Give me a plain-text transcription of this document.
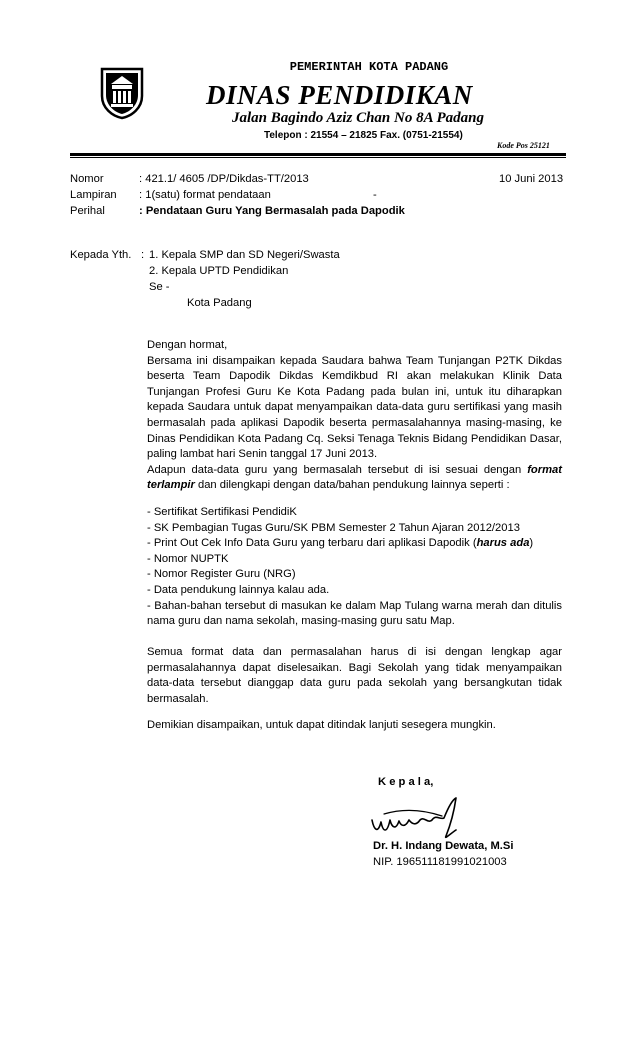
PEMERINTAH KOTA PADANG
DINAS PENDIDIKAN
Jalan Bagindo Aziz Chan No 8A Padang
Telepon : 21554 – 21825 Fax. (0751-21554)
Kode Pos 25121
Nomor	: 421.1/ 4605 /DP/Dikdas-TT/2013	10 Juni 2013
Lampiran : 1(satu) format pendataan	-
Perihal	: Pendataan Guru Yang Bermasalah pada Dapodik
Kepada Yth. : 1. Kepala SMP dan SD Negeri/Swasta
2. Kepala UPTD Pendidikan
Se -
Kota Padang

Dengan hormat,

Bersama ini disampaikan kepada Saudara bahwa Team Tunjangan P2TK Dikdas beserta Team Dapodik Dikdas Kemdikbud RI akan melakukan Klinik Data Tunjangan Profesi Guru Ke Kota Padang pada bulan ini, untuk itu diharapkan kepada Saudara untuk dapat menyampaikan data-data guru sertifikasi yang masih bermasalah pada aplikasi Dapodik beserta permasalahannya masing-masing, ke Dinas Pendidikan Kota Padang Cq. Seksi Tenaga Teknis Bidang Pendidikan Dasar, paling lambat hari Senin tanggal 17 Juni 2013.

Adapun data-data guru yang bermasalah tersebut di isi sesuai dengan format terlampir dan dilengkapi dengan data/bahan pendukung lainnya seperti :

- Sertifikat Sertifikasi PendidiK
- SK Pembagian Tugas Guru/SK PBM Semester 2 Tahun Ajaran 2012/2013
- Print Out Cek Info Data Guru yang terbaru dari aplikasi Dapodik (harus ada)
- Nomor NUPTK
- Nomor Register Guru (NRG)
- Data pendukung lainnya kalau ada.
- Bahan-bahan tersebut di masukan ke dalam Map Tulang warna merah dan ditulis nama guru dan nama sekolah, masing-masing guru satu Map.

Semua format data dan permasalahan harus di isi dengan lengkap agar permasalahannya dapat diselesaikan. Bagi Sekolah yang tidak menyampaikan data-data tersebut dianggap data guru pada sekolah yang bersangkutan tidak bermasalah.

Demikian disampaikan, untuk dapat ditindak lanjuti sesegera mungkin.

K e p a l a,
Dr. H. Indang Dewata, M.Si
NIP. 196511181991021003
